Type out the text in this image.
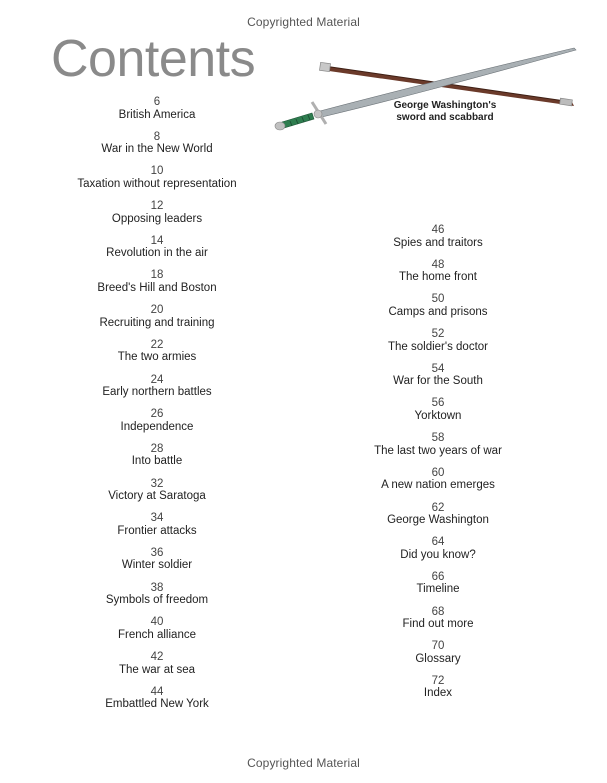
Copyrighted Material
Contents
George Washington's sword and scabbard
6
British America
8
War in the New World
10
Taxation without representation
12
Opposing leaders
14
Revolution in the air
18
Breed's Hill and Boston
20
Recruiting and training
22
The two armies
24
Early northern battles
26
Independence
28
Into battle
32
Victory at Saratoga
34
Frontier attacks
36
Winter soldier
38
Symbols of freedom
40
French alliance
42
The war at sea
44
Embattled New York
46
Spies and traitors
48
The home front
50
Camps and prisons
52
The soldier's doctor
54
War for the South
56
Yorktown
58
The last two years of war
60
A new nation emerges
62
George Washington
64
Did you know?
66
Timeline
68
Find out more
70
Glossary
72
Index
Copyrighted Material
